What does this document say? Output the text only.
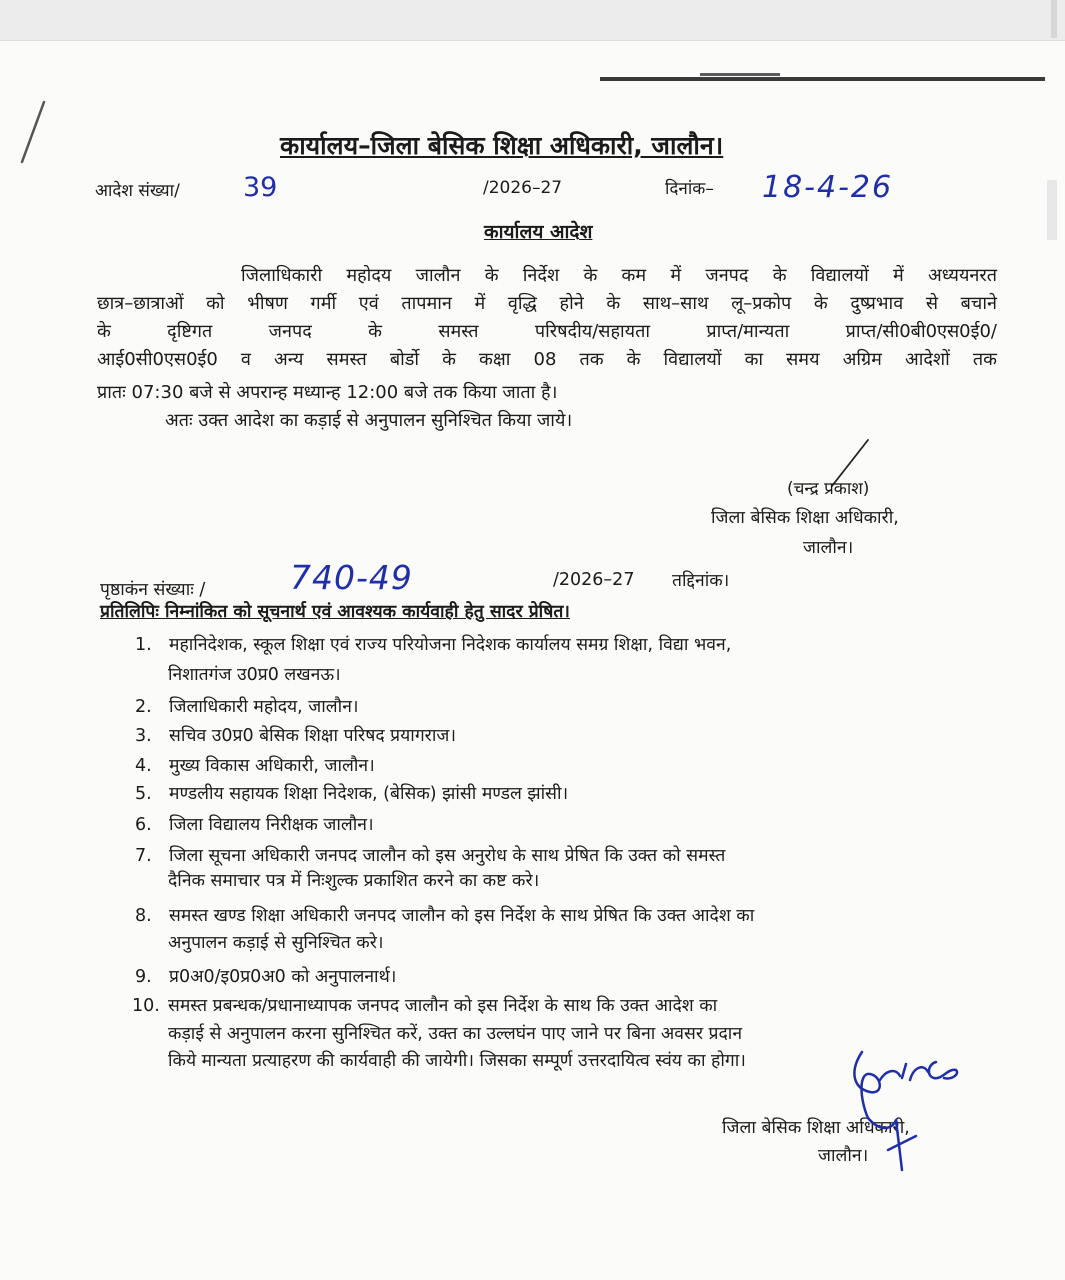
कार्यालय–जिला बेसिक शिक्षा अधिकारी, जालौन।
आदेश संख्या/ 39	/2026–27	दिनांक– 18-4-26
कार्यालय आदेश
जिलाधिकारी महोदय जालौन के निर्देश के कम में जनपद के विद्यालयों में अध्ययनरत
छात्र–छात्राओं को भीषण गर्मी एवं तापमान में वृद्धि होने के साथ–साथ लू–प्रकोप के दुष्प्रभाव से बचाने
के दृष्टिगत जनपद के समस्त परिषदीय/सहायता प्राप्त/मान्यता प्राप्त/सी0बी0एस0ई0/
आई0सी0एस0ई0 व अन्य समस्त बोर्डो के कक्षा 08 तक के विद्यालयों का समय अग्रिम आदेशों तक
प्रातः 07:30 बजे से अपरान्ह मध्यान्ह 12:00 बजे तक किया जाता है।
अतः उक्त आदेश का कड़ाई से अनुपालन सुनिश्चित किया जाये।
(चन्द्र प्रकाश)
जिला बेसिक शिक्षा अधिकारी,
जालौन।
पृष्ठाकंन संख्याः /	740-49	/2026–27 तद्दिनांक।
प्रतिलिपिः निम्नांकित को सूचनार्थ एवं आवश्यक कार्यवाही हेतु सादर प्रेषित।
1. महानिदेशक, स्कूल शिक्षा एवं राज्य परियोजना निदेशक कार्यालय समग्र शिक्षा, विद्या भवन,
निशातगंज उ0प्र0 लखनऊ।
2. जिलाधिकारी महोदय, जालौन।
3. सचिव उ0प्र0 बेसिक शिक्षा परिषद प्रयागराज।
4. मुख्य विकास अधिकारी, जालौन।
5. मण्डलीय सहायक शिक्षा निदेशक, (बेसिक) झांसी मण्डल झांसी।
6. जिला विद्यालय निरीक्षक जालौन।
7. जिला सूचना अधिकारी जनपद जालौन को इस अनुरोध के साथ प्रेषित कि उक्त को समस्त
दैनिक समाचार पत्र में निःशुल्क प्रकाशित करने का कष्ट करे।
8. समस्त खण्ड शिक्षा अधिकारी जनपद जालौन को इस निर्देश के साथ प्रेषित कि उक्त आदेश का
अनुपालन कड़ाई से सुनिश्चित करे।
9. प्र0अ0/इ0प्र0अ0 को अनुपालनार्थ।
10. समस्त प्रबन्धक/प्रधानाध्यापक जनपद जालौन को इस निर्देश के साथ कि उक्त आदेश का
कड़ाई से अनुपालन करना सुनिश्चित करें, उक्त का उल्लघंन पाए जाने पर बिना अवसर प्रदान
किये मान्यता प्रत्याहरण की कार्यवाही की जायेगी। जिसका सम्पूर्ण उत्तरदायित्व स्वंय का होगा।
जिला बेसिक शिक्षा अधिकारी,
जालौन।
